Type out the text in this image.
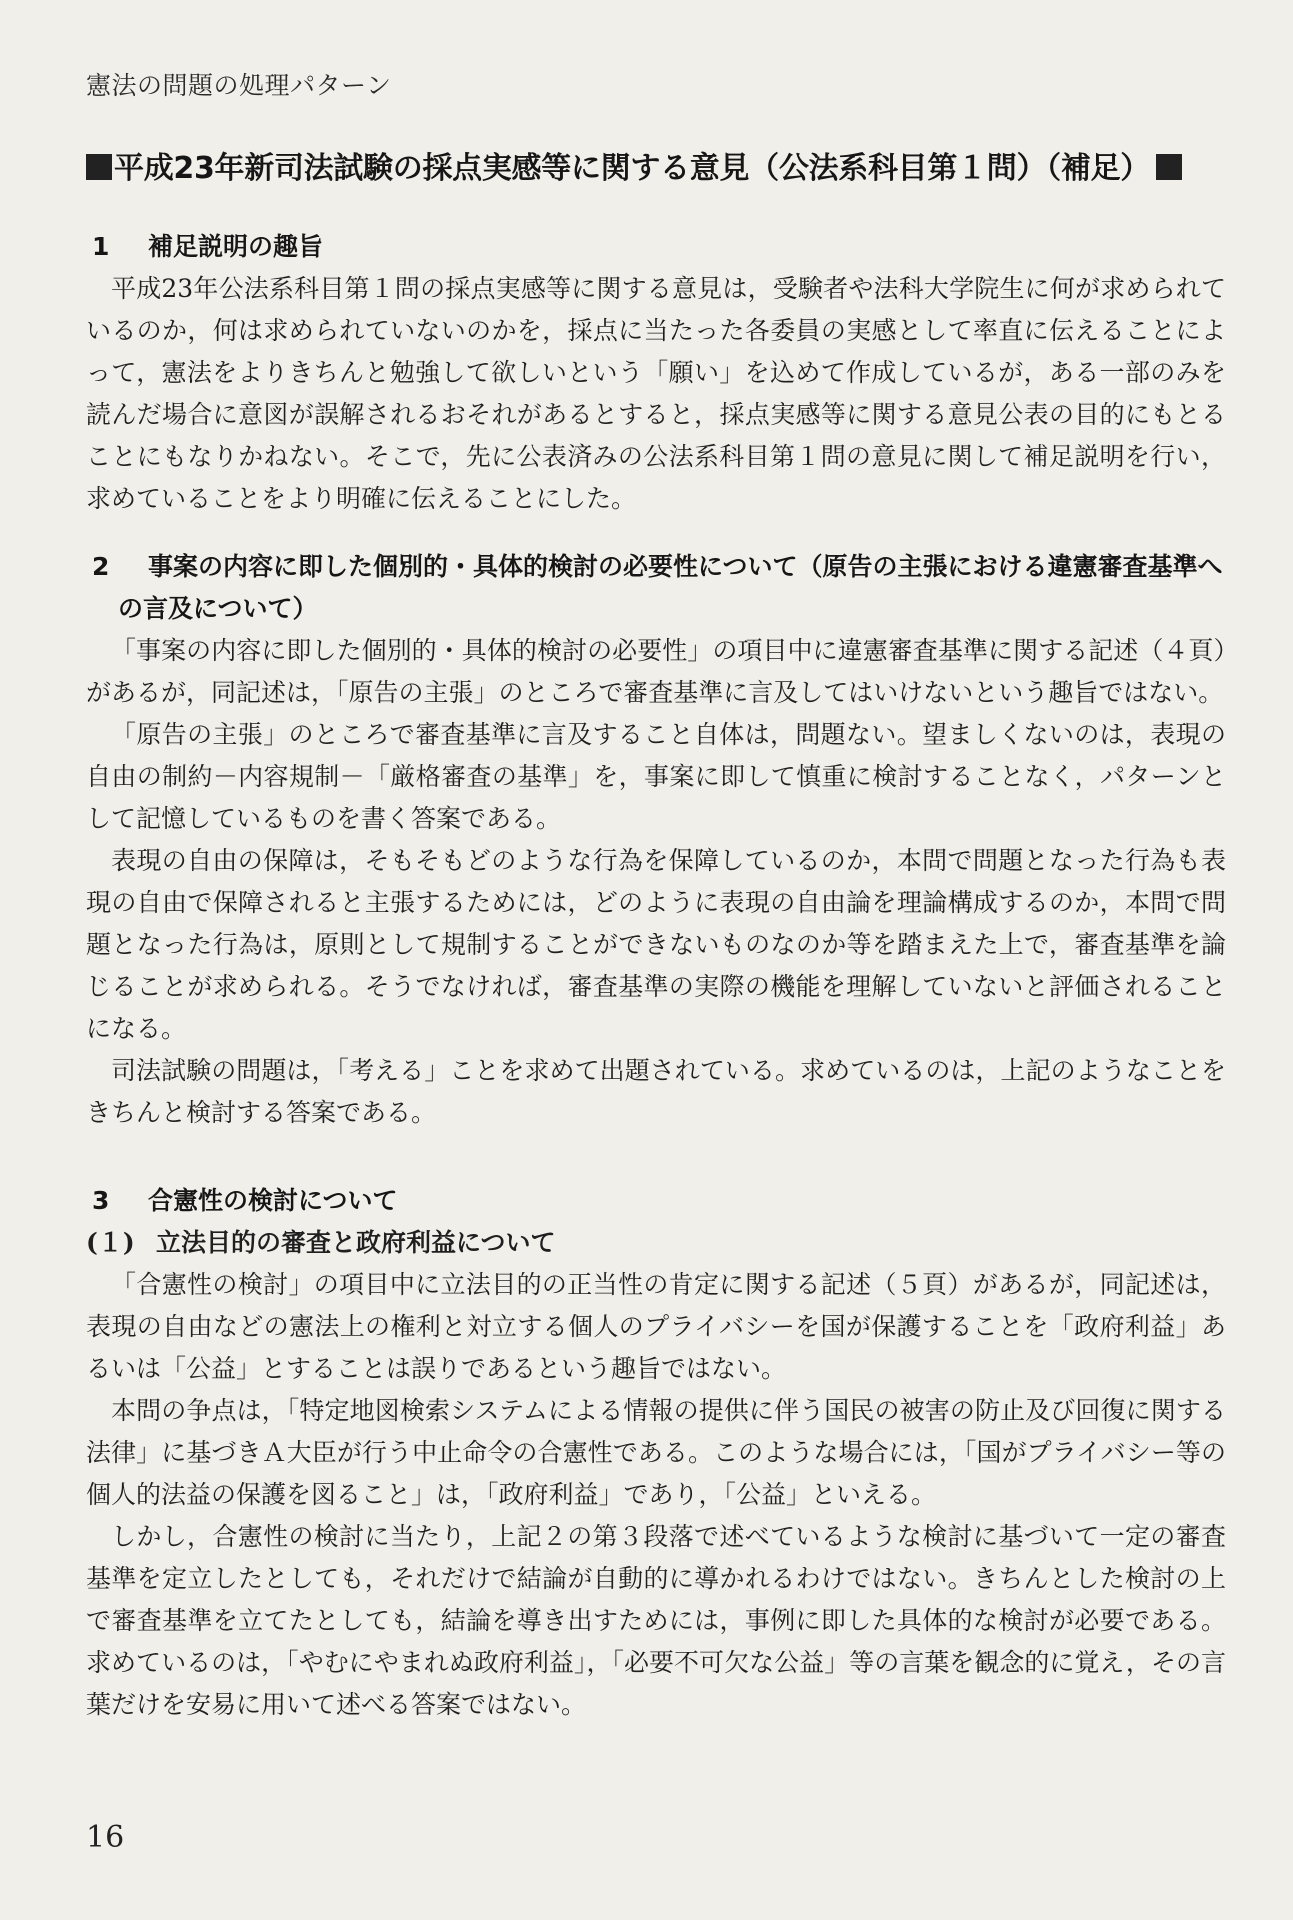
憲法の問題の処理パターン
平成23年新司法試験の採点実感等に関する意見（公法系科目第１問）（補足）
1 補足説明の趣旨

平成23年公法系科目第１問の採点実感等に関する意見は，受験者や法科大学院生に何が求められているのか，何は求められていないのかを，採点に当たった各委員の実感として率直に伝えることによって，憲法をよりきちんと勉強して欲しいという「願い」を込めて作成しているが，ある一部のみを読んだ場合に意図が誤解されるおそれがあるとすると，採点実感等に関する意見公表の目的にもとることにもなりかねない。そこで，先に公表済みの公法系科目第１問の意見に関して補足説明を行い，求めていることをより明確に伝えることにした。

2 事案の内容に即した個別的・具体的検討の必要性について（原告の主張における違憲審査基準への言及について）

「事案の内容に即した個別的・具体的検討の必要性」の項目中に違憲審査基準に関する記述（４頁）があるが，同記述は，「原告の主張」のところで審査基準に言及してはいけないという趣旨ではない。

「原告の主張」のところで審査基準に言及すること自体は，問題ない。望ましくないのは，表現の自由の制約－内容規制－「厳格審査の基準」を，事案に即して慎重に検討することなく，パターンとして記憶しているものを書く答案である。

表現の自由の保障は，そもそもどのような行為を保障しているのか，本問で問題となった行為も表現の自由で保障されると主張するためには，どのように表現の自由論を理論構成するのか，本問で問題となった行為は，原則として規制することができないものなのか等を踏まえた上で，審査基準を論じることが求められる。そうでなければ，審査基準の実際の機能を理解していないと評価されることになる。

司法試験の問題は，「考える」ことを求めて出題されている。求めているのは，上記のようなことをきちんと検討する答案である。

3 合憲性の検討について
(１) 立法目的の審査と政府利益について

「合憲性の検討」の項目中に立法目的の正当性の肯定に関する記述（５頁）があるが，同記述は，表現の自由などの憲法上の権利と対立する個人のプライバシーを国が保護することを「政府利益」あるいは「公益」とすることは誤りであるという趣旨ではない。

本問の争点は，「特定地図検索システムによる情報の提供に伴う国民の被害の防止及び回復に関する法律」に基づきＡ大臣が行う中止命令の合憲性である。このような場合には，「国がプライバシー等の個人的法益の保護を図ること」は，「政府利益」であり，「公益」といえる。

しかし，合憲性の検討に当たり，上記２の第３段落で述べているような検討に基づいて一定の審査基準を定立したとしても，それだけで結論が自動的に導かれるわけではない。きちんとした検討の上で審査基準を立てたとしても，結論を導き出すためには，事例に即した具体的な検討が必要である。求めているのは，「やむにやまれぬ政府利益」，「必要不可欠な公益」等の言葉を観念的に覚え，その言葉だけを安易に用いて述べる答案ではない。

16
